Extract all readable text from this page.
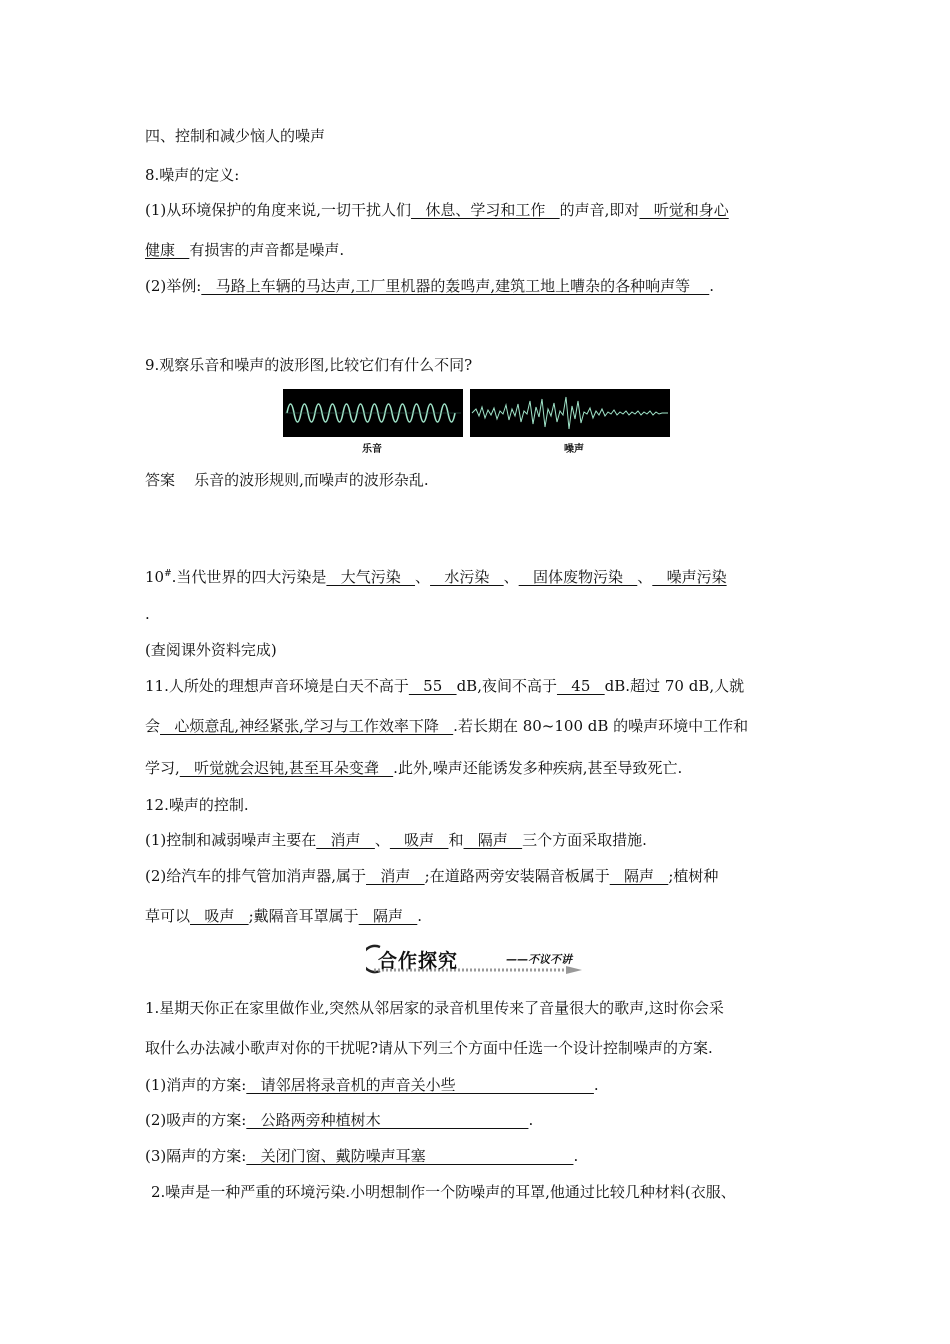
四、控制和减少恼人的噪声
8.噪声的定义:
(1)从环境保护的角度来说,一切干扰人们   休息、学习和工作   的声音,即对   听觉和身心
健康   有损害的声音都是噪声.
(2)举例:   马路上车辆的马达声,工厂里机器的轰鸣声,建筑工地上嘈杂的各种响声等    .
9.观察乐音和噪声的波形图,比较它们有什么不同?
乐音	噪声
答案 乐音的波形规则,而噪声的波形杂乱.
10#.当代世界的四大污染是   大气污染   、   水污染   、   固体废物污染   、   噪声污染
.
(查阅课外资料完成)
11.人所处的理想声音环境是白天不高于   55   dB,夜间不高于   45   dB.超过 70 dB,人就
会   心烦意乱,神经紧张,学习与工作效率下降   .若长期在 80~100 dB 的噪声环境中工作和
学习,   听觉就会迟钝,甚至耳朵变聋   .此外,噪声还能诱发多种疾病,甚至导致死亡.
12.噪声的控制.
(1)控制和减弱噪声主要在   消声   、   吸声   和   隔声   三个方面采取措施.
(2)给汽车的排气管加消声器,属于   消声   ;在道路两旁安装隔音板属于   隔声   ;植树种
草可以   吸声   ;戴隔音耳罩属于   隔声   .
合作探究	——不议不讲
1.星期天你正在家里做作业,突然从邻居家的录音机里传来了音量很大的歌声,这时你会采
取什么办法减小歌声对你的干扰呢?请从下列三个方面中任选一个设计控制噪声的方案.
(1)消声的方案:   请邻居将录音机的声音关小些                             .
(2)吸声的方案:   公路两旁种植树木                               .
(3)隔声的方案:   关闭门窗、戴防噪声耳塞                               .
2.噪声是一种严重的环境污染.小明想制作一个防噪声的耳罩,他通过比较几种材料(衣服、
